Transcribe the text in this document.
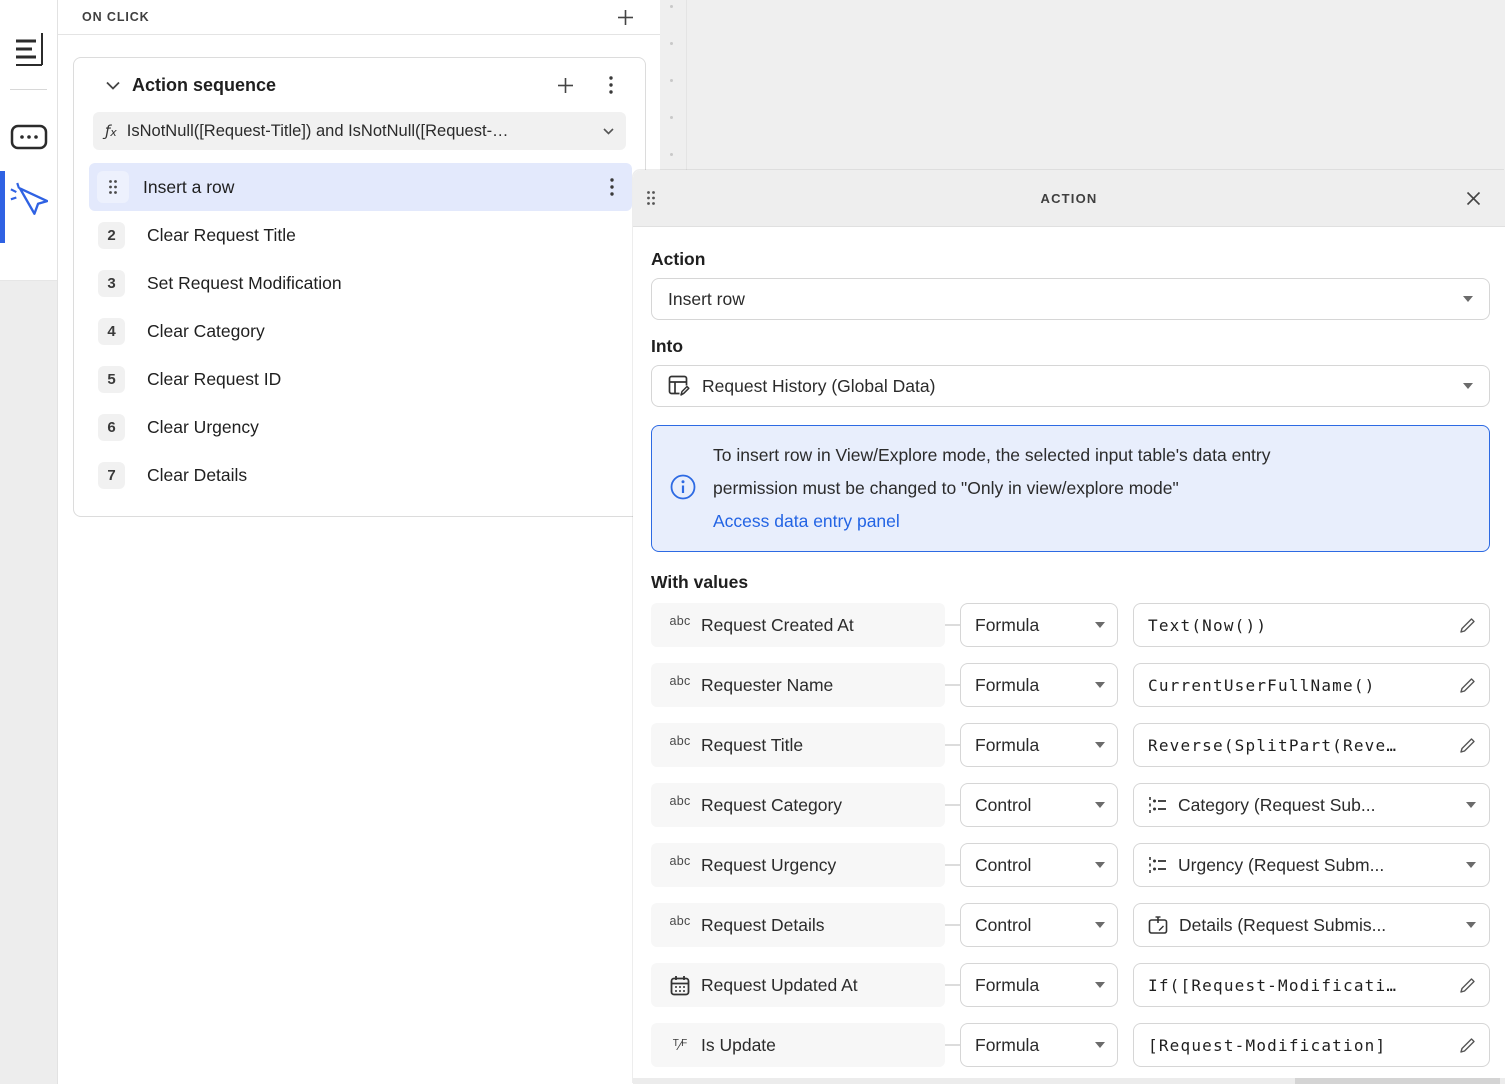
ON CLICK
Action sequence
ƒx IsNotNull([Request-Title]) and IsNotNull([Request-…
Insert a row
2	Clear Request Title
3	Set Request Modification
4	Clear Category
5	Clear Request ID
6	Clear Urgency
7	Clear Details
ACTION
Action
Insert row
Into
Request History (Global Data)
To insert row in View/Explore mode, the selected input table's data entry
permission must be changed to "Only in view/explore mode"
Access data entry panel
With values
abc Request Created At	Formula	Text(Now())
abc Requester Name	Formula	CurrentUserFullName()
abc Request Title	Formula	Reverse(SplitPart(Reve…
abc Request Category	Control	Category (Request Sub...
abc Request Urgency	Control	Urgency (Request Subm...
abc Request Details	Control	Details (Request Submis...
Request Updated At	Formula	If([Request-Modificati…
T ⁄ F Is Update	Formula	[Request-Modification]
